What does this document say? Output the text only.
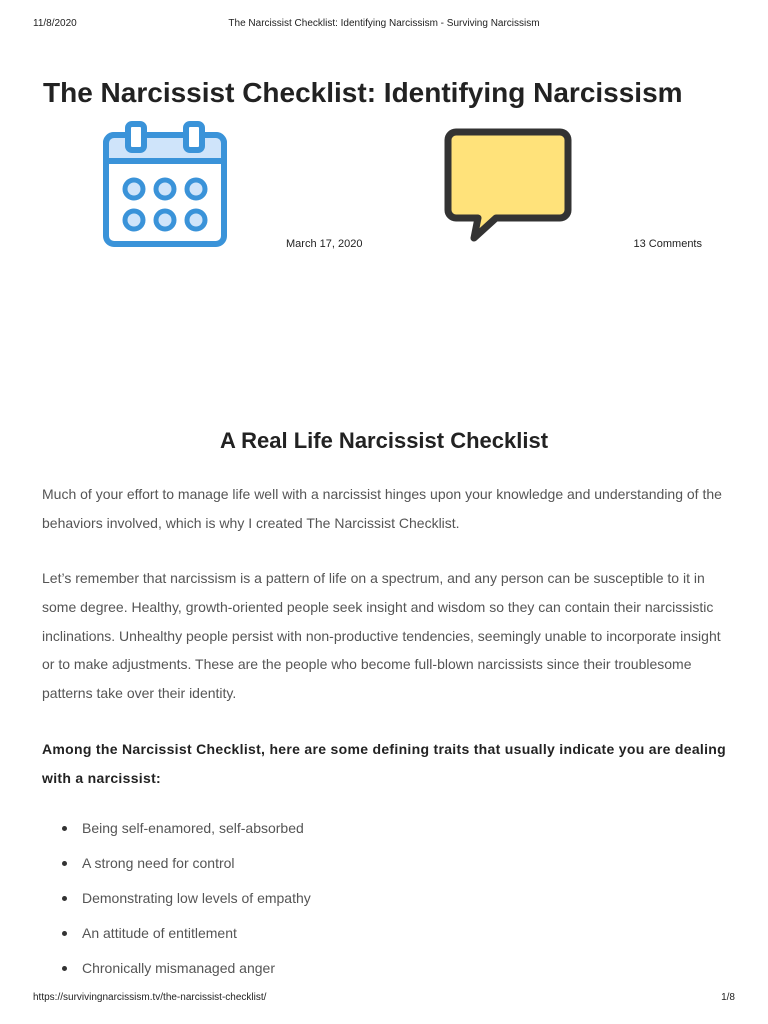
11/8/2020	The Narcissist Checklist: Identifying Narcissism - Surviving Narcissism
The Narcissist Checklist: Identifying Narcissism
March 17, 2020	13 Comments
A Real Life Narcissist Checklist

Much of your effort to manage life well with a narcissist hinges upon your knowledge and understanding of the behaviors involved, which is why I created The Narcissist Checklist.

Let’s remember that narcissism is a pattern of life on a spectrum, and any person can be susceptible to it in some degree. Healthy, growth-oriented people seek insight and wisdom so they can contain their narcissistic inclinations. Unhealthy people persist with non-productive tendencies, seemingly unable to incorporate insight or to make adjustments. These are the people who become full-blown narcissists since their troublesome patterns take over their identity.

Among the Narcissist Checklist, here are some defining traits that usually indicate you are dealing with a narcissist:

Being self-enamored, self-absorbed
A strong need for control
Demonstrating low levels of empathy
An attitude of entitlement
Chronically mismanaged anger
https://survivingnarcissism.tv/the-narcissist-checklist/	1/8
